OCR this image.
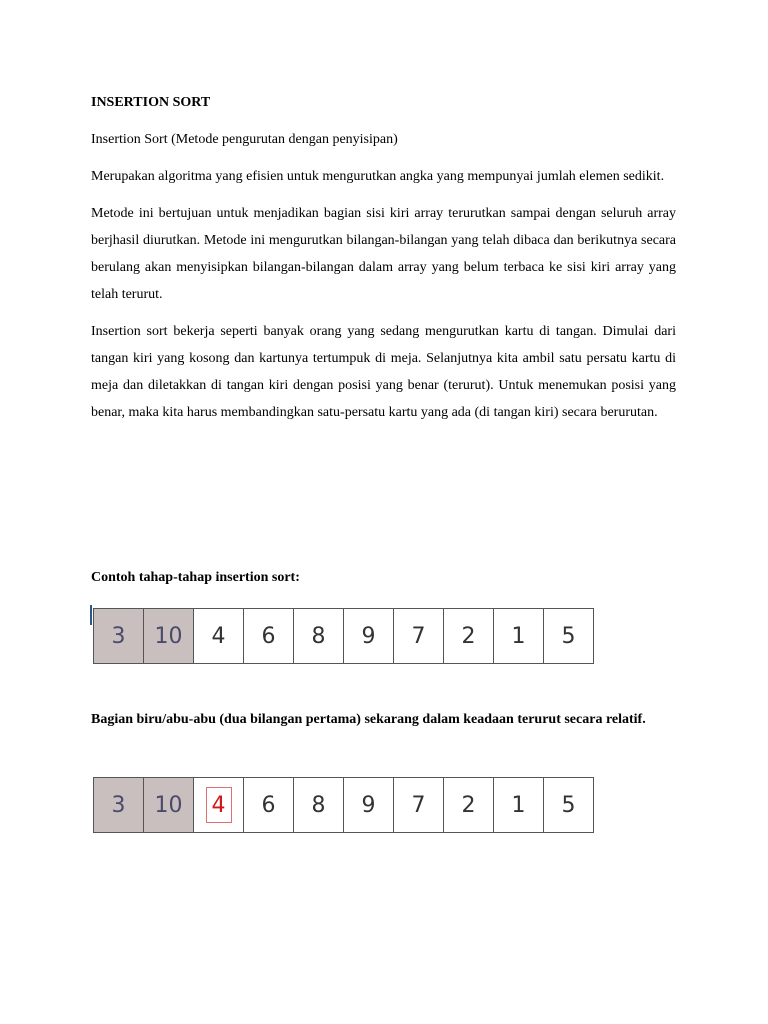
INSERTION SORT

Insertion Sort (Metode pengurutan dengan penyisipan)

Merupakan algoritma yang efisien untuk mengurutkan angka yang mempunyai jumlah elemen sedikit.

Metode ini bertujuan untuk menjadikan bagian sisi kiri array terurutkan sampai dengan seluruh array berjhasil diurutkan. Metode ini mengurutkan bilangan-bilangan yang telah dibaca dan berikutnya secara berulang akan menyisipkan bilangan-bilangan dalam array yang belum terbaca ke sisi kiri array yang telah terurut.

Insertion sort bekerja seperti banyak orang yang sedang mengurutkan kartu di tangan. Dimulai dari tangan kiri yang kosong dan kartunya tertumpuk di meja. Selanjutnya kita ambil satu persatu kartu di meja dan diletakkan di tangan kiri dengan posisi yang benar (terurut). Untuk menemukan posisi yang benar, maka kita harus membandingkan satu-persatu kartu yang ada (di tangan kiri) secara berurutan.

Contoh tahap-tahap insertion sort:

3 10 4 6 8 9 7 2 1 5

Bagian biru/abu-abu (dua bilangan pertama) sekarang dalam keadaan terurut secara relatif.

3 10 4 6 8 9 7 2 1 5
